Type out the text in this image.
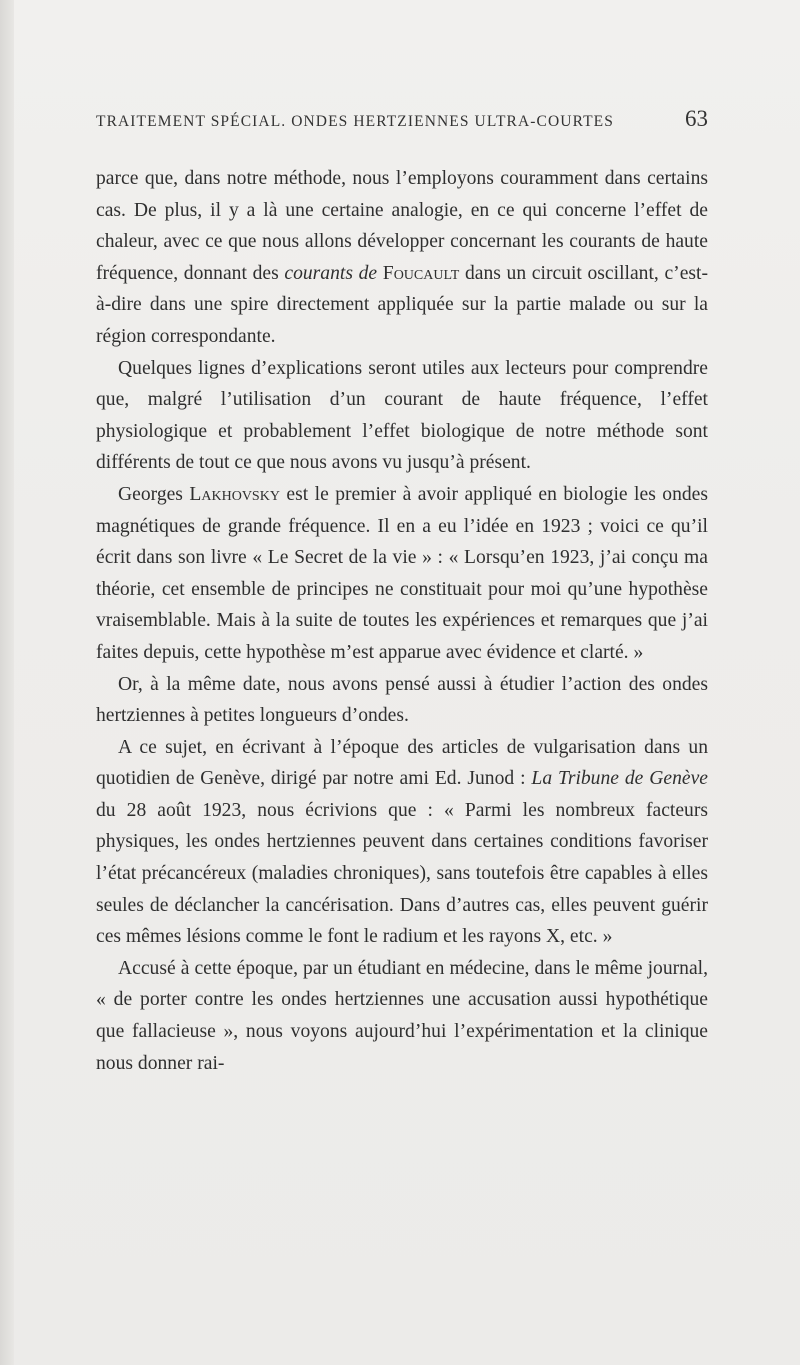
TRAITEMENT SPÉCIAL. ONDES HERTZIENNES ULTRA-COURTES	63

parce que, dans notre méthode, nous l’employons couramment dans certains cas. De plus, il y a là une certaine analogie, en ce qui concerne l’effet de chaleur, avec ce que nous allons développer concernant les courants de haute fréquence, donnant des courants de Foucault dans un circuit oscillant, c’est-à-dire dans une spire directement appliquée sur la partie malade ou sur la région correspondante.

Quelques lignes d’explications seront utiles aux lecteurs pour comprendre que, malgré l’utilisation d’un courant de haute fréquence, l’effet physiologique et probablement l’effet biologique de notre méthode sont différents de tout ce que nous avons vu jusqu’à présent.

Georges Lakhovsky est le premier à avoir appliqué en biologie les ondes magnétiques de grande fréquence. Il en a eu l’idée en 1923 ; voici ce qu’il écrit dans son livre « Le Secret de la vie » : « Lorsqu’en 1923, j’ai conçu ma théorie, cet ensemble de principes ne constituait pour moi qu’une hypothèse vraisemblable. Mais à la suite de toutes les expériences et remarques que j’ai faites depuis, cette hypothèse m’est apparue avec évidence et clarté. »

Or, à la même date, nous avons pensé aussi à étudier l’action des ondes hertziennes à petites longueurs d’ondes.

A ce sujet, en écrivant à l’époque des articles de vulgarisation dans un quotidien de Genève, dirigé par notre ami Ed. Junod : La Tribune de Genève du 28 août 1923, nous écrivions que : « Parmi les nombreux facteurs physiques, les ondes hertziennes peuvent dans certaines conditions favoriser l’état précancéreux (maladies chroniques), sans toutefois être capables à elles seules de déclancher la cancérisation. Dans d’autres cas, elles peuvent guérir ces mêmes lésions comme le font le radium et les rayons X, etc. »

Accusé à cette époque, par un étudiant en médecine, dans le même journal, « de porter contre les ondes hertziennes une accusation aussi hypothétique que fallacieuse », nous voyons aujourd’hui l’expérimentation et la clinique nous donner rai-
